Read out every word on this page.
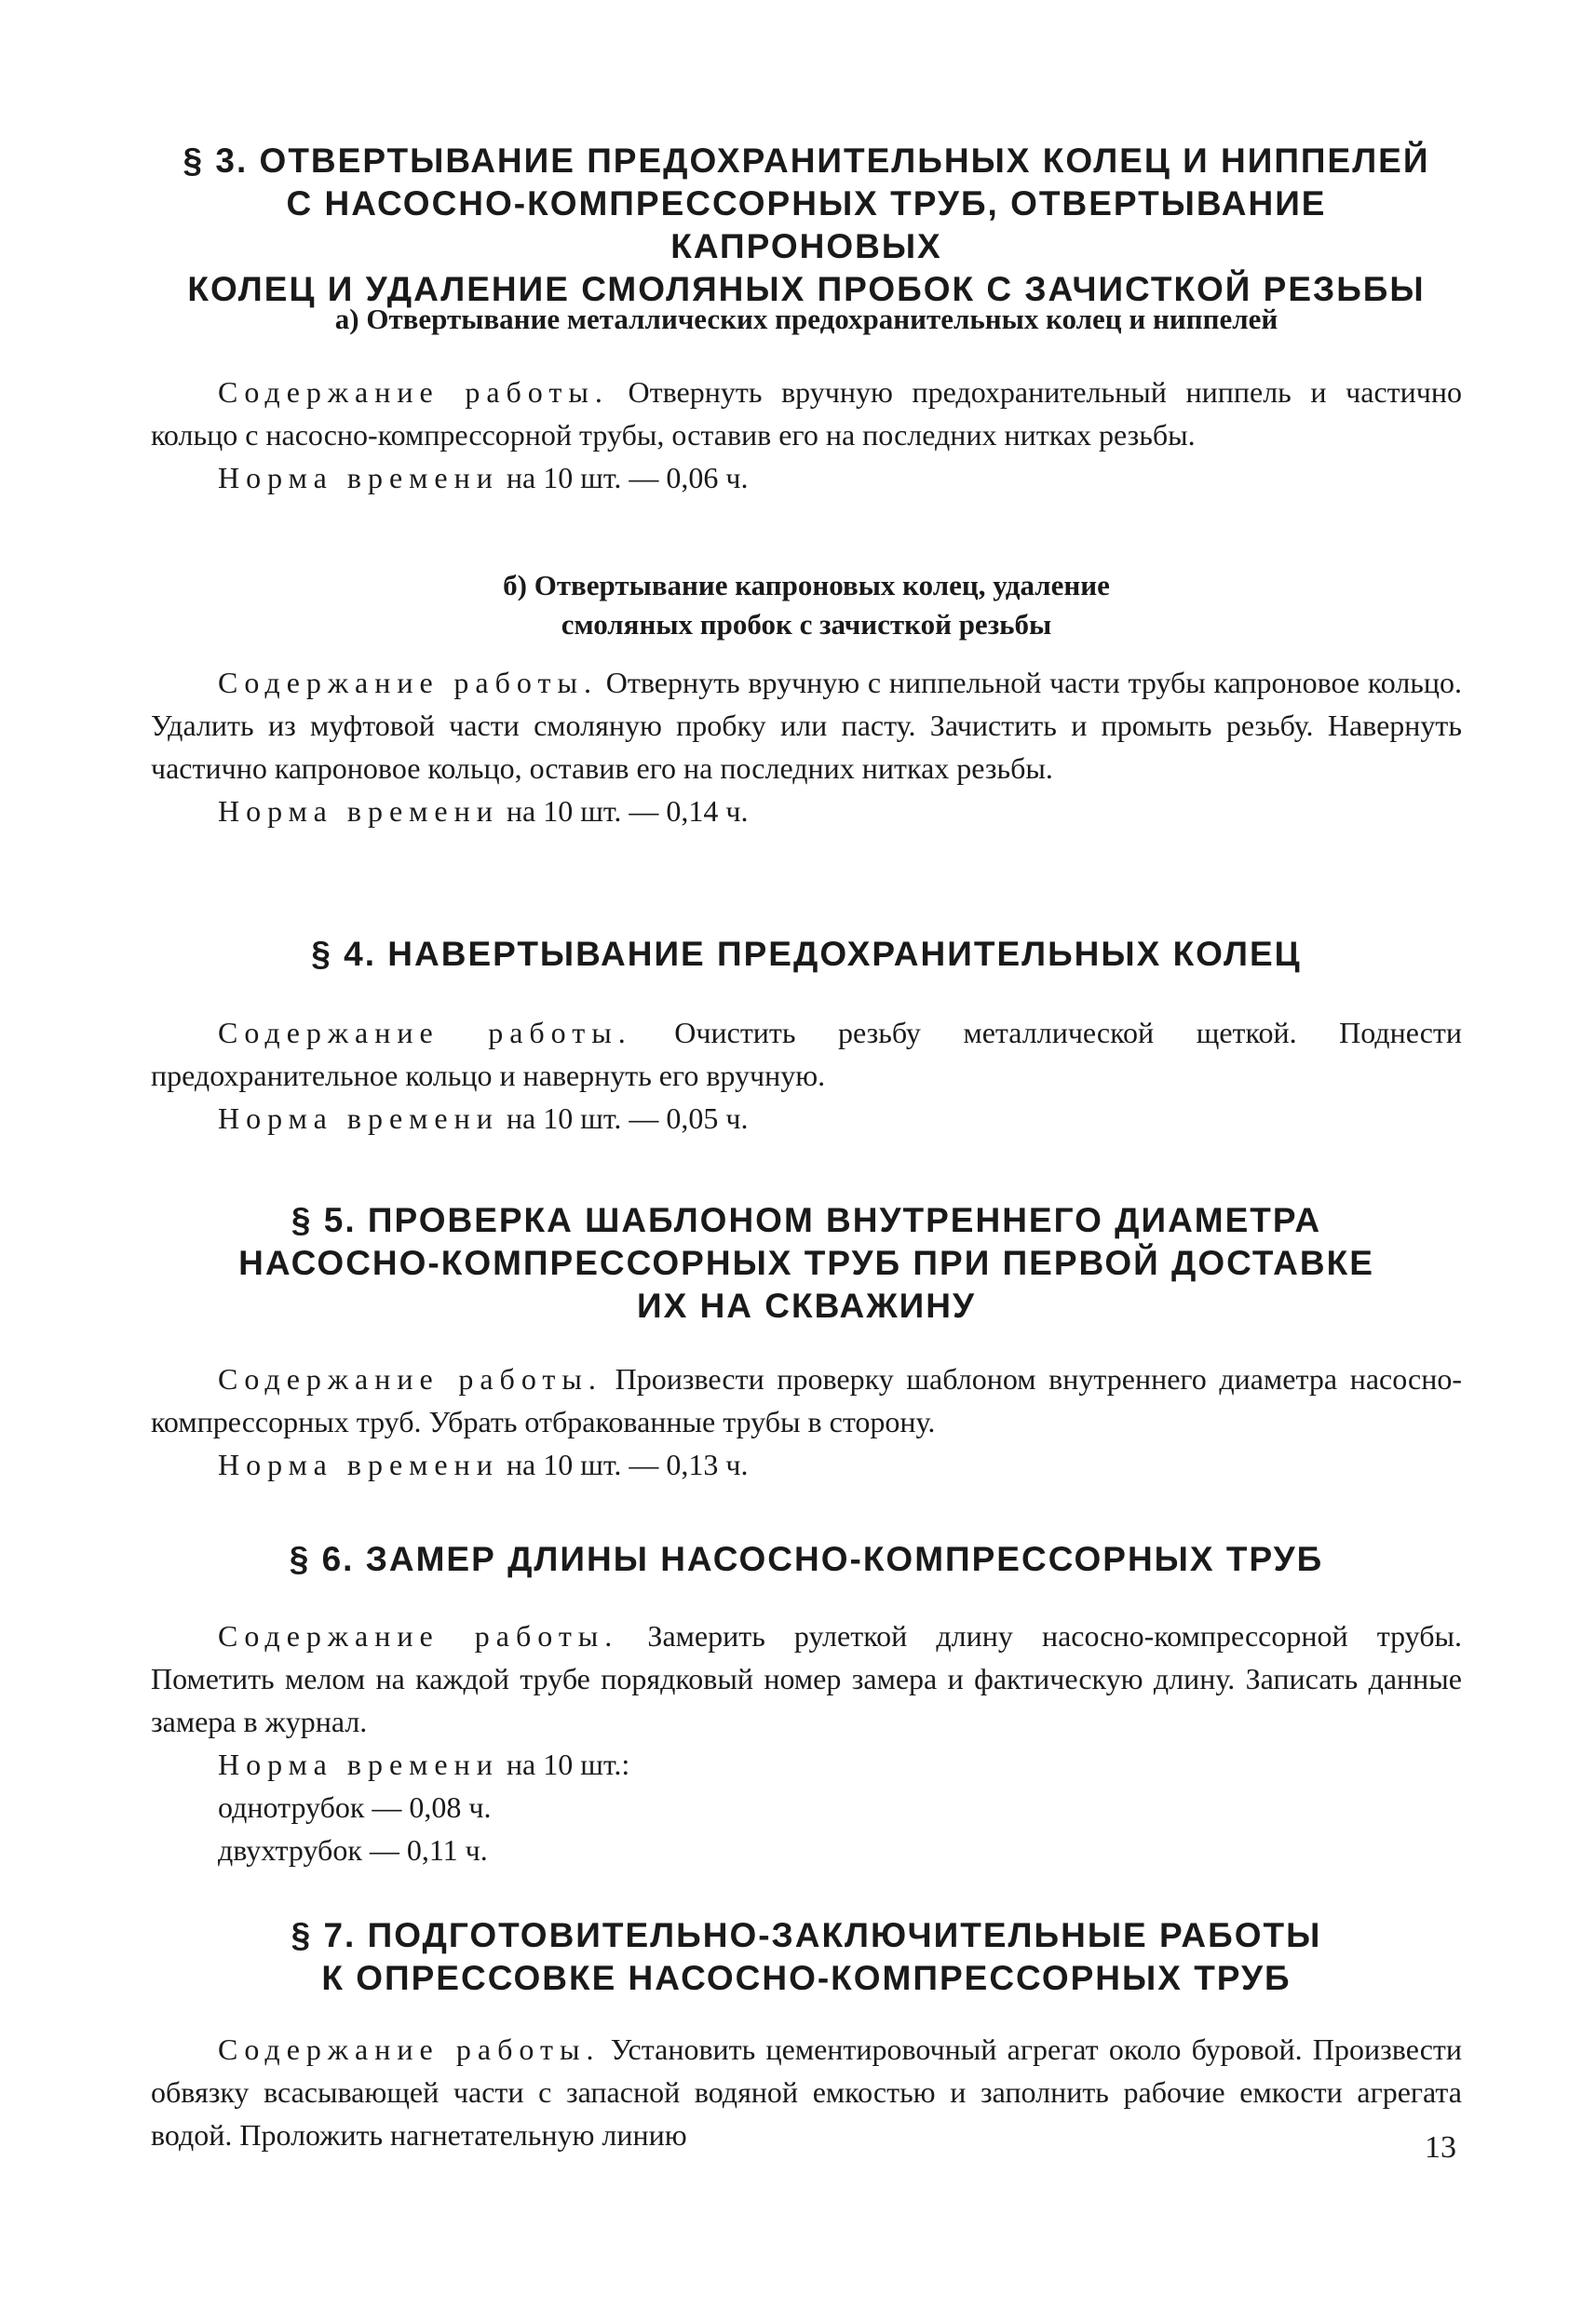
§ 3. ОТВЕРТЫВАНИЕ ПРЕДОХРАНИТЕЛЬНЫХ КОЛЕЦ И НИППЕЛЕЙ
С НАСОСНО-КОМПРЕССОРНЫХ ТРУБ, ОТВЕРТЫВАНИЕ КАПРОНОВЫХ
КОЛЕЦ И УДАЛЕНИЕ СМОЛЯНЫХ ПРОБОК С ЗАЧИСТКОЙ РЕЗЬБЫ
а) Отвертывание металлических предохранительных колец и ниппелей

Содержание работы. Отвернуть вручную предохранительный ниппель и частично кольцо с насосно-компрессорной трубы, оставив его на последних нитках резьбы.

Норма времени на 10 шт. — 0,06 ч.

б) Отвертывание капроновых колец, удаление
смоляных пробок с зачисткой резьбы

Содержание работы. Отвернуть вручную с ниппельной части трубы капроновое кольцо. Удалить из муфтовой части смоляную пробку или пасту. Зачистить и промыть резьбу. Навернуть частично капроновое кольцо, оставив его на последних нитках резьбы.

Норма времени на 10 шт. — 0,14 ч.

§ 4. НАВЕРТЫВАНИЕ ПРЕДОХРАНИТЕЛЬНЫХ КОЛЕЦ

Содержание работы. Очистить резьбу металлической щеткой. Поднести предохранительное кольцо и навернуть его вручную.

Норма времени на 10 шт. — 0,05 ч.

§ 5. ПРОВЕРКА ШАБЛОНОМ ВНУТРЕННЕГО ДИАМЕТРА
НАСОСНО-КОМПРЕССОРНЫХ ТРУБ ПРИ ПЕРВОЙ ДОСТАВКЕ
ИХ НА СКВАЖИНУ

Содержание работы. Произвести проверку шаблоном внутреннего диаметра насосно-компрессорных труб. Убрать отбракованные трубы в сторону.

Норма времени на 10 шт. — 0,13 ч.

§ 6. ЗАМЕР ДЛИНЫ НАСОСНО-КОМПРЕССОРНЫХ ТРУБ

Содержание работы. Замерить рулеткой длину насосно-компрессорной трубы. Пометить мелом на каждой трубе порядковый номер замера и фактическую длину. Записать данные замера в журнал.

Норма времени на 10 шт.:

однотрубок — 0,08 ч.

двухтрубок — 0,11 ч.

§ 7. ПОДГОТОВИТЕЛЬНО-ЗАКЛЮЧИТЕЛЬНЫЕ РАБОТЫ
К ОПРЕССОВКЕ НАСОСНО-КОМПРЕССОРНЫХ ТРУБ

Содержание работы. Установить цементировочный агрегат около буровой. Произвести обвязку всасывающей части с запасной водяной емкостью и заполнить рабочие емкости агрегата водой. Проложить нагнетательную линию	13
